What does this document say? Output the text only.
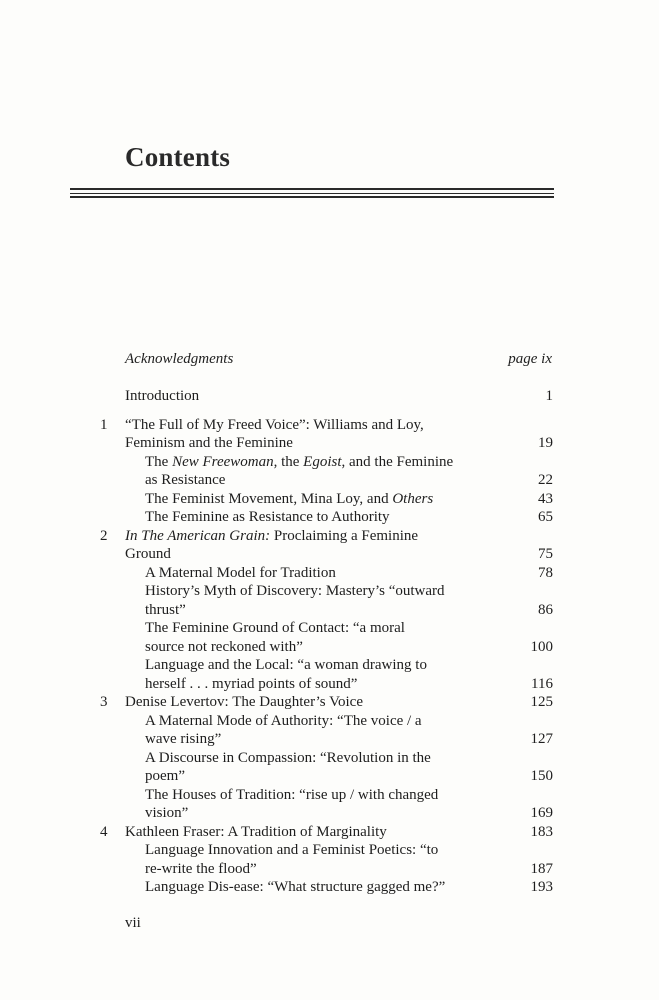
Contents
Acknowledgments	page ix
Introduction	1
1 “The Full of My Freed Voice”: Williams and Loy,
Feminism and the Feminine	19
The New Freewoman, the Egoist, and the Feminine
as Resistance	22
The Feminist Movement, Mina Loy, and Others	43
The Feminine as Resistance to Authority	65
2 In The American Grain: Proclaiming a Feminine
Ground	75
A Maternal Model for Tradition	78
History’s Myth of Discovery: Mastery’s “outward
thrust”	86
The Feminine Ground of Contact: “a moral
source not reckoned with”	100
Language and the Local: “a woman drawing to
herself . . . myriad points of sound”	116
3 Denise Levertov: The Daughter’s Voice	125
A Maternal Mode of Authority: “The voice / a
wave rising”	127
A Discourse in Compassion: “Revolution in the
poem”	150
The Houses of Tradition: “rise up / with changed
vision”	169
4 Kathleen Fraser: A Tradition of Marginality	183
Language Innovation and a Feminist Poetics: “to
re-write the flood”	187
Language Dis-ease: “What structure gagged me?”	193
vii
